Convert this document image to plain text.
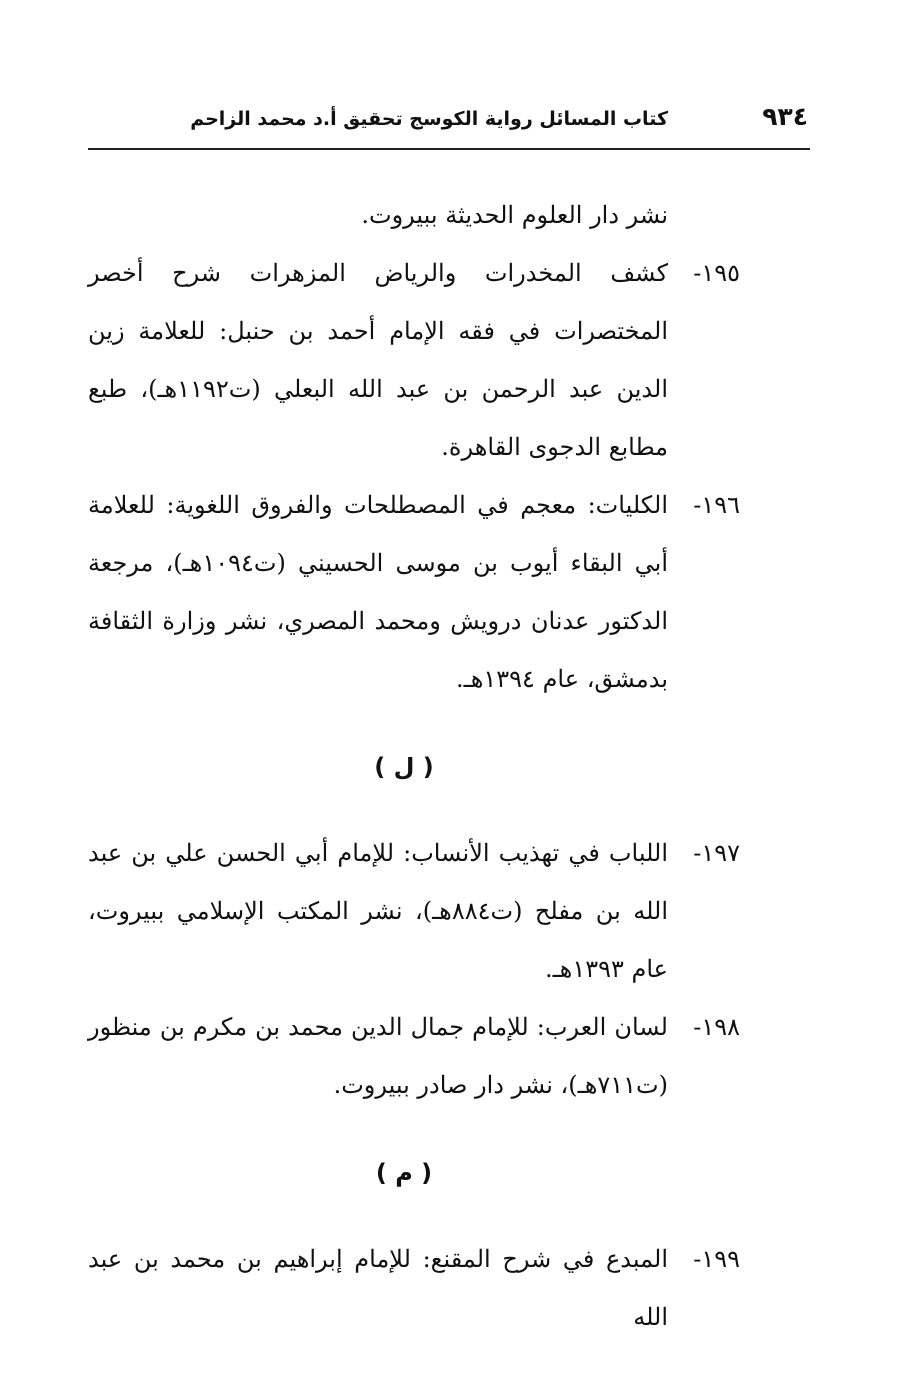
٩٣٤
كتاب المسائل رواية الكوسج تحقيق أ.د محمد الزاحم

نشر دار العلوم الحديثة ببيروت.

١٩٥-

كشف المخدرات والرياض المزهرات شرح أخصر المختصرات في فقه الإمام أحمد بن حنبل: للعلامة زين الدين عبد الرحمن بن عبد الله البعلي (ت١١٩٢هـ)، طبع مطابع الدجوى القاهرة.

١٩٦-

الكليات: معجم في المصطلحات والفروق اللغوية: للعلامة أبي البقاء أيوب بن موسى الحسيني (ت١٠٩٤هـ)، مرجعة الدكتور عدنان درويش ومحمد المصري، نشر وزارة الثقافة بدمشق، عام ١٣٩٤هـ.

( ل )

١٩٧-

اللباب في تهذيب الأنساب: للإمام أبي الحسن علي بن عبد الله بن مفلح (ت٨٨٤هـ)، نشر المكتب الإسلامي ببيروت، عام ١٣٩٣هـ.

١٩٨-

لسان العرب: للإمام جمال الدين محمد بن مكرم بن منظور (ت٧١١هـ)، نشر دار صادر ببيروت.

( م )

١٩٩-

المبدع في شرح المقنع: للإمام إبراهيم بن محمد بن عبد الله
